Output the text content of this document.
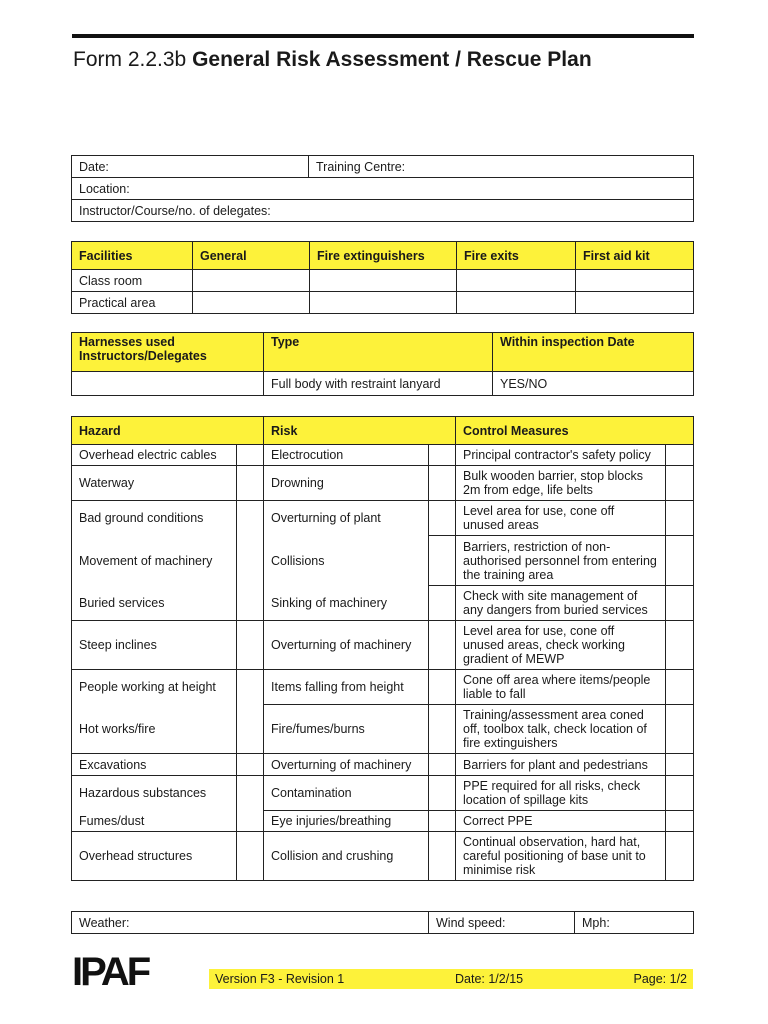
Form 2.2.3b General Risk Assessment / Rescue Plan
Date:	Training Centre:
Location:
Instructor/Course/no. of delegates:
Facilities	General	Fire extinguishers	Fire exits	First aid kit
Class room				
Practical area				
Harnesses used Instructors/Delegates	Type	Within inspection Date
	Full body with restraint lanyard	YES/NO
Hazard		Risk		Control Measures	
Overhead electric cables		Electrocution		Principal contractor's safety policy	
Waterway		Drowning		Bulk wooden barrier, stop blocks 2m from edge, life belts	
Bad ground conditions		Overturning of plant		Level area for use, cone off unused areas	
Movement of machinery		Collisions		Barriers, restriction of non-authorised personnel from entering the training area	
Buried services		Sinking of machinery		Check with site management of any dangers from buried services	
Steep inclines		Overturning of machinery		Level area for use, cone off unused areas, check working gradient of MEWP	
People working at height		Items falling from height		Cone off area where items/people liable to fall	
Hot works/fire		Fire/fumes/burns		Training/assessment area coned off, toolbox talk, check location of fire extinguishers	
Excavations		Overturning of machinery		Barriers for plant and pedestrians	
Hazardous substances		Contamination		PPE required for all risks, check location of spillage kits	
Fumes/dust		Eye injuries/breathing		Correct PPE	
Overhead structures		Collision and crushing		Continual observation, hard hat, careful positioning of base unit to minimise risk	
Weather:	Wind speed:	Mph:
IPAF	Version F3 - Revision 1	Date: 1/2/15	Page: 1/2
